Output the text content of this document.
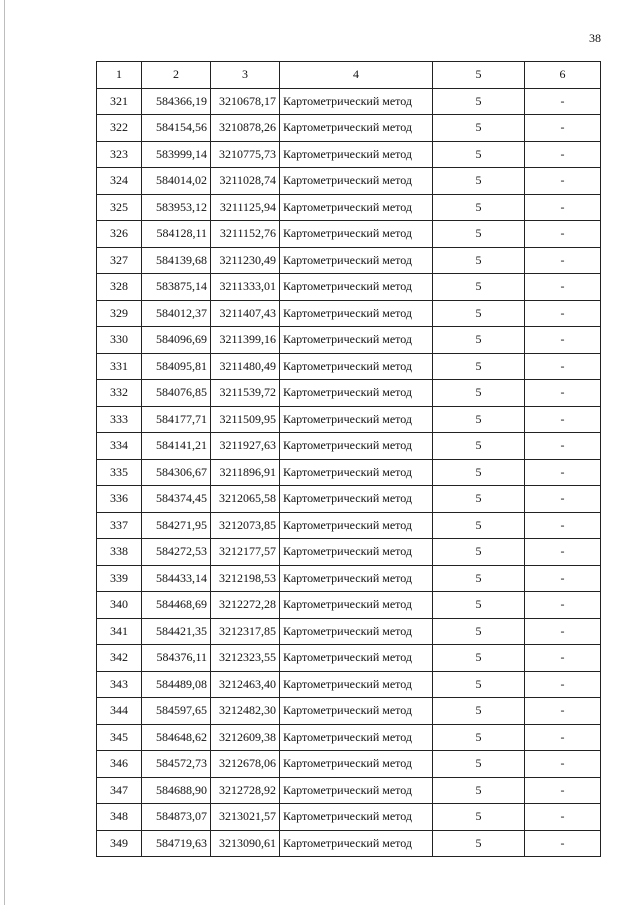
38
1	2	3	4	5	6
321	584366,19	3210678,17	Картометрический метод	5	-
322	584154,56	3210878,26	Картометрический метод	5	-
323	583999,14	3210775,73	Картометрический метод	5	-
324	584014,02	3211028,74	Картометрический метод	5	-
325	583953,12	3211125,94	Картометрический метод	5	-
326	584128,11	3211152,76	Картометрический метод	5	-
327	584139,68	3211230,49	Картометрический метод	5	-
328	583875,14	3211333,01	Картометрический метод	5	-
329	584012,37	3211407,43	Картометрический метод	5	-
330	584096,69	3211399,16	Картометрический метод	5	-
331	584095,81	3211480,49	Картометрический метод	5	-
332	584076,85	3211539,72	Картометрический метод	5	-
333	584177,71	3211509,95	Картометрический метод	5	-
334	584141,21	3211927,63	Картометрический метод	5	-
335	584306,67	3211896,91	Картометрический метод	5	-
336	584374,45	3212065,58	Картометрический метод	5	-
337	584271,95	3212073,85	Картометрический метод	5	-
338	584272,53	3212177,57	Картометрический метод	5	-
339	584433,14	3212198,53	Картометрический метод	5	-
340	584468,69	3212272,28	Картометрический метод	5	-
341	584421,35	3212317,85	Картометрический метод	5	-
342	584376,11	3212323,55	Картометрический метод	5	-
343	584489,08	3212463,40	Картометрический метод	5	-
344	584597,65	3212482,30	Картометрический метод	5	-
345	584648,62	3212609,38	Картометрический метод	5	-
346	584572,73	3212678,06	Картометрический метод	5	-
347	584688,90	3212728,92	Картометрический метод	5	-
348	584873,07	3213021,57	Картометрический метод	5	-
349	584719,63	3213090,61	Картометрический метод	5	-
